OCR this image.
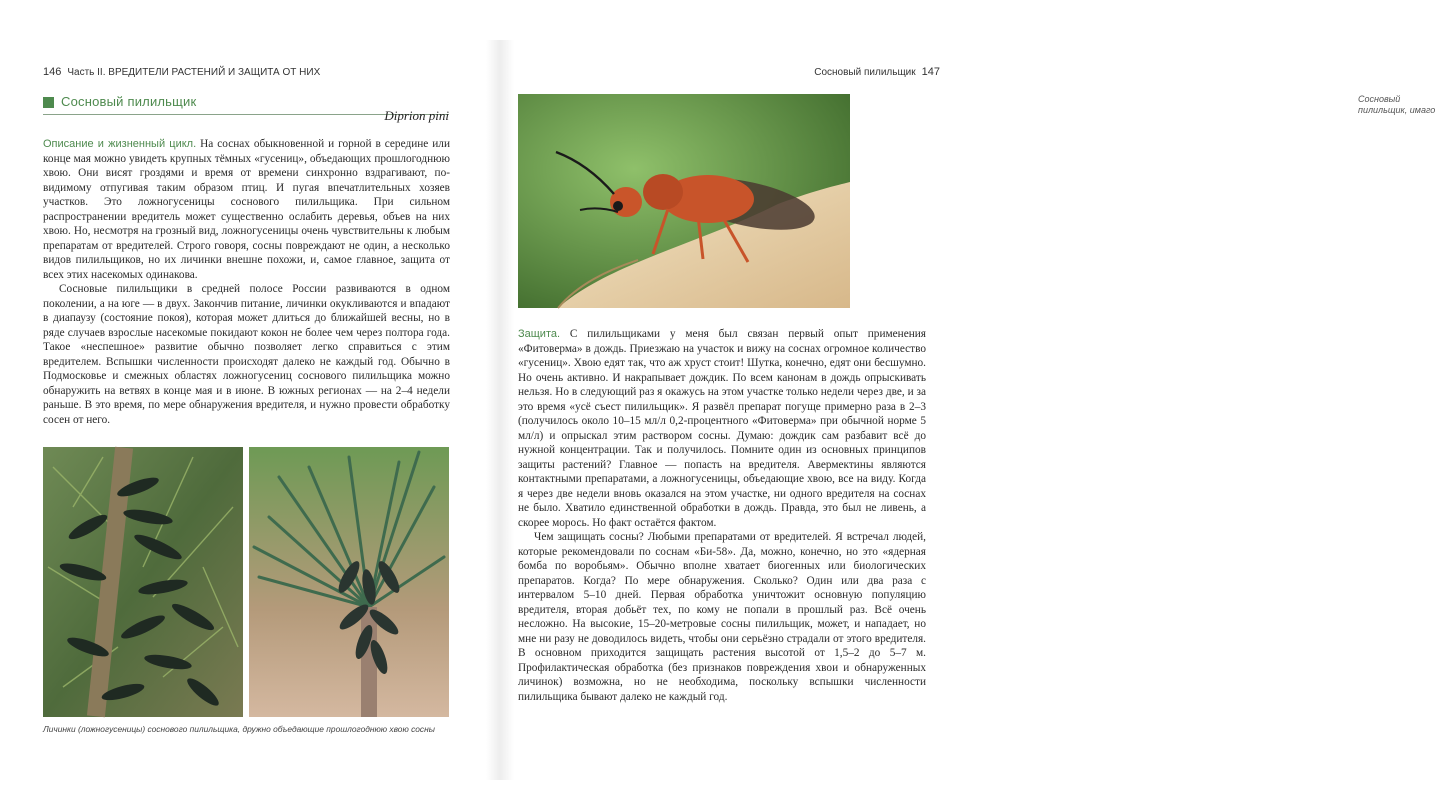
146 Часть II. ВРЕДИТЕЛИ РАСТЕНИЙ И ЗАЩИТА ОТ НИХ
Сосновый пилильщик
Diprion pini

Описание и жизненный цикл. На соснах обыкновенной и горной в середине или конце мая можно увидеть крупных тёмных «гусениц», объедающих прошлогоднюю хвою. Они висят гроздями и время от времени синхронно вздрагивают, по-видимому отпугивая таким образом птиц. И пугая впечатлительных хозяев участков. Это ложногусеницы соснового пилильщика. При сильном распространении вредитель может существенно ослабить деревья, объев на них хвою. Но, несмотря на грозный вид, ложногусеницы очень чувствительны к любым препаратам от вредителей. Строго говоря, сосны повреждают не один, а несколько видов пилильщиков, но их личинки внешне похожи, и, самое главное, защита от всех этих насекомых одинакова.

Сосновые пилильщики в средней полосе России развиваются в одном поколении, а на юге — в двух. Закончив питание, личинки окукливаются и впадают в диапаузу (состояние покоя), которая может длиться до ближайшей весны, но в ряде случаев взрослые насекомые покидают кокон не более чем через полтора года. Такое «неспешное» развитие обычно позволяет легко справиться с этим вредителем. Вспышки численности происходят далеко не каждый год. Обычно в Подмосковье и смежных областях ложногусениц соснового пилильщика можно обнаружить на ветвях в конце мая и в июне. В южных регионах — на 2–4 недели раньше. В это время, по мере обнаружения вредителя, и нужно провести обработку сосен от него.

Личинки (ложногусеницы) соснового пилильщика, дружно объедающие прошлогоднюю хвою сосны
Сосновый пилильщик 147
Сосновый пилильщик, имаго

Защита. С пилильщиками у меня был связан первый опыт применения «Фитоверма» в дождь. Приезжаю на участок и вижу на соснах огромное количество «гусениц». Хвою едят так, что аж хруст стоит! Шутка, конечно, едят они бесшумно. Но очень активно. И накрапывает дождик. По всем канонам в дождь опрыскивать нельзя. Но в следующий раз я окажусь на этом участке только недели через две, и за это время «усё съест пилильщик». Я развёл препарат погуще примерно раза в 2–3 (получилось около 10–15 мл/л 0,2-процентного «Фитоверма» при обычной норме 5 мл/л) и опрыскал этим раствором сосны. Думаю: дождик сам разбавит всё до нужной концентрации. Так и получилось. Помните один из основных принципов защиты растений? Главное — попасть на вредителя. Авермектины являются контактными препаратами, а ложногусеницы, объедающие хвою, все на виду. Когда я через две недели вновь оказался на этом участке, ни одного вредителя на соснах не было. Хватило единственной обработки в дождь. Правда, это был не ливень, а скорее морось. Но факт остаётся фактом.

Чем защищать сосны? Любыми препаратами от вредителей. Я встречал людей, которые рекомендовали по соснам «Би-58». Да, можно, конечно, но это «ядерная бомба по воробьям». Обычно вполне хватает биогенных или биологических препаратов. Когда? По мере обнаружения. Сколько? Один или два раза с интервалом 5–10 дней. Первая обработка уничтожит основную популяцию вредителя, вторая добьёт тех, по кому не попали в прошлый раз. Всё очень несложно. На высокие, 15–20-метровые сосны пилильщик, может, и нападает, но мне ни разу не доводилось видеть, чтобы они серьёзно страдали от этого вредителя. В основном приходится защищать растения высотой от 1,5–2 до 5–7 м. Профилактическая обработка (без признаков повреждения хвои и обнаруженных личинок) возможна, но не необходима, поскольку вспышки численности пилильщика бывают далеко не каждый год.
